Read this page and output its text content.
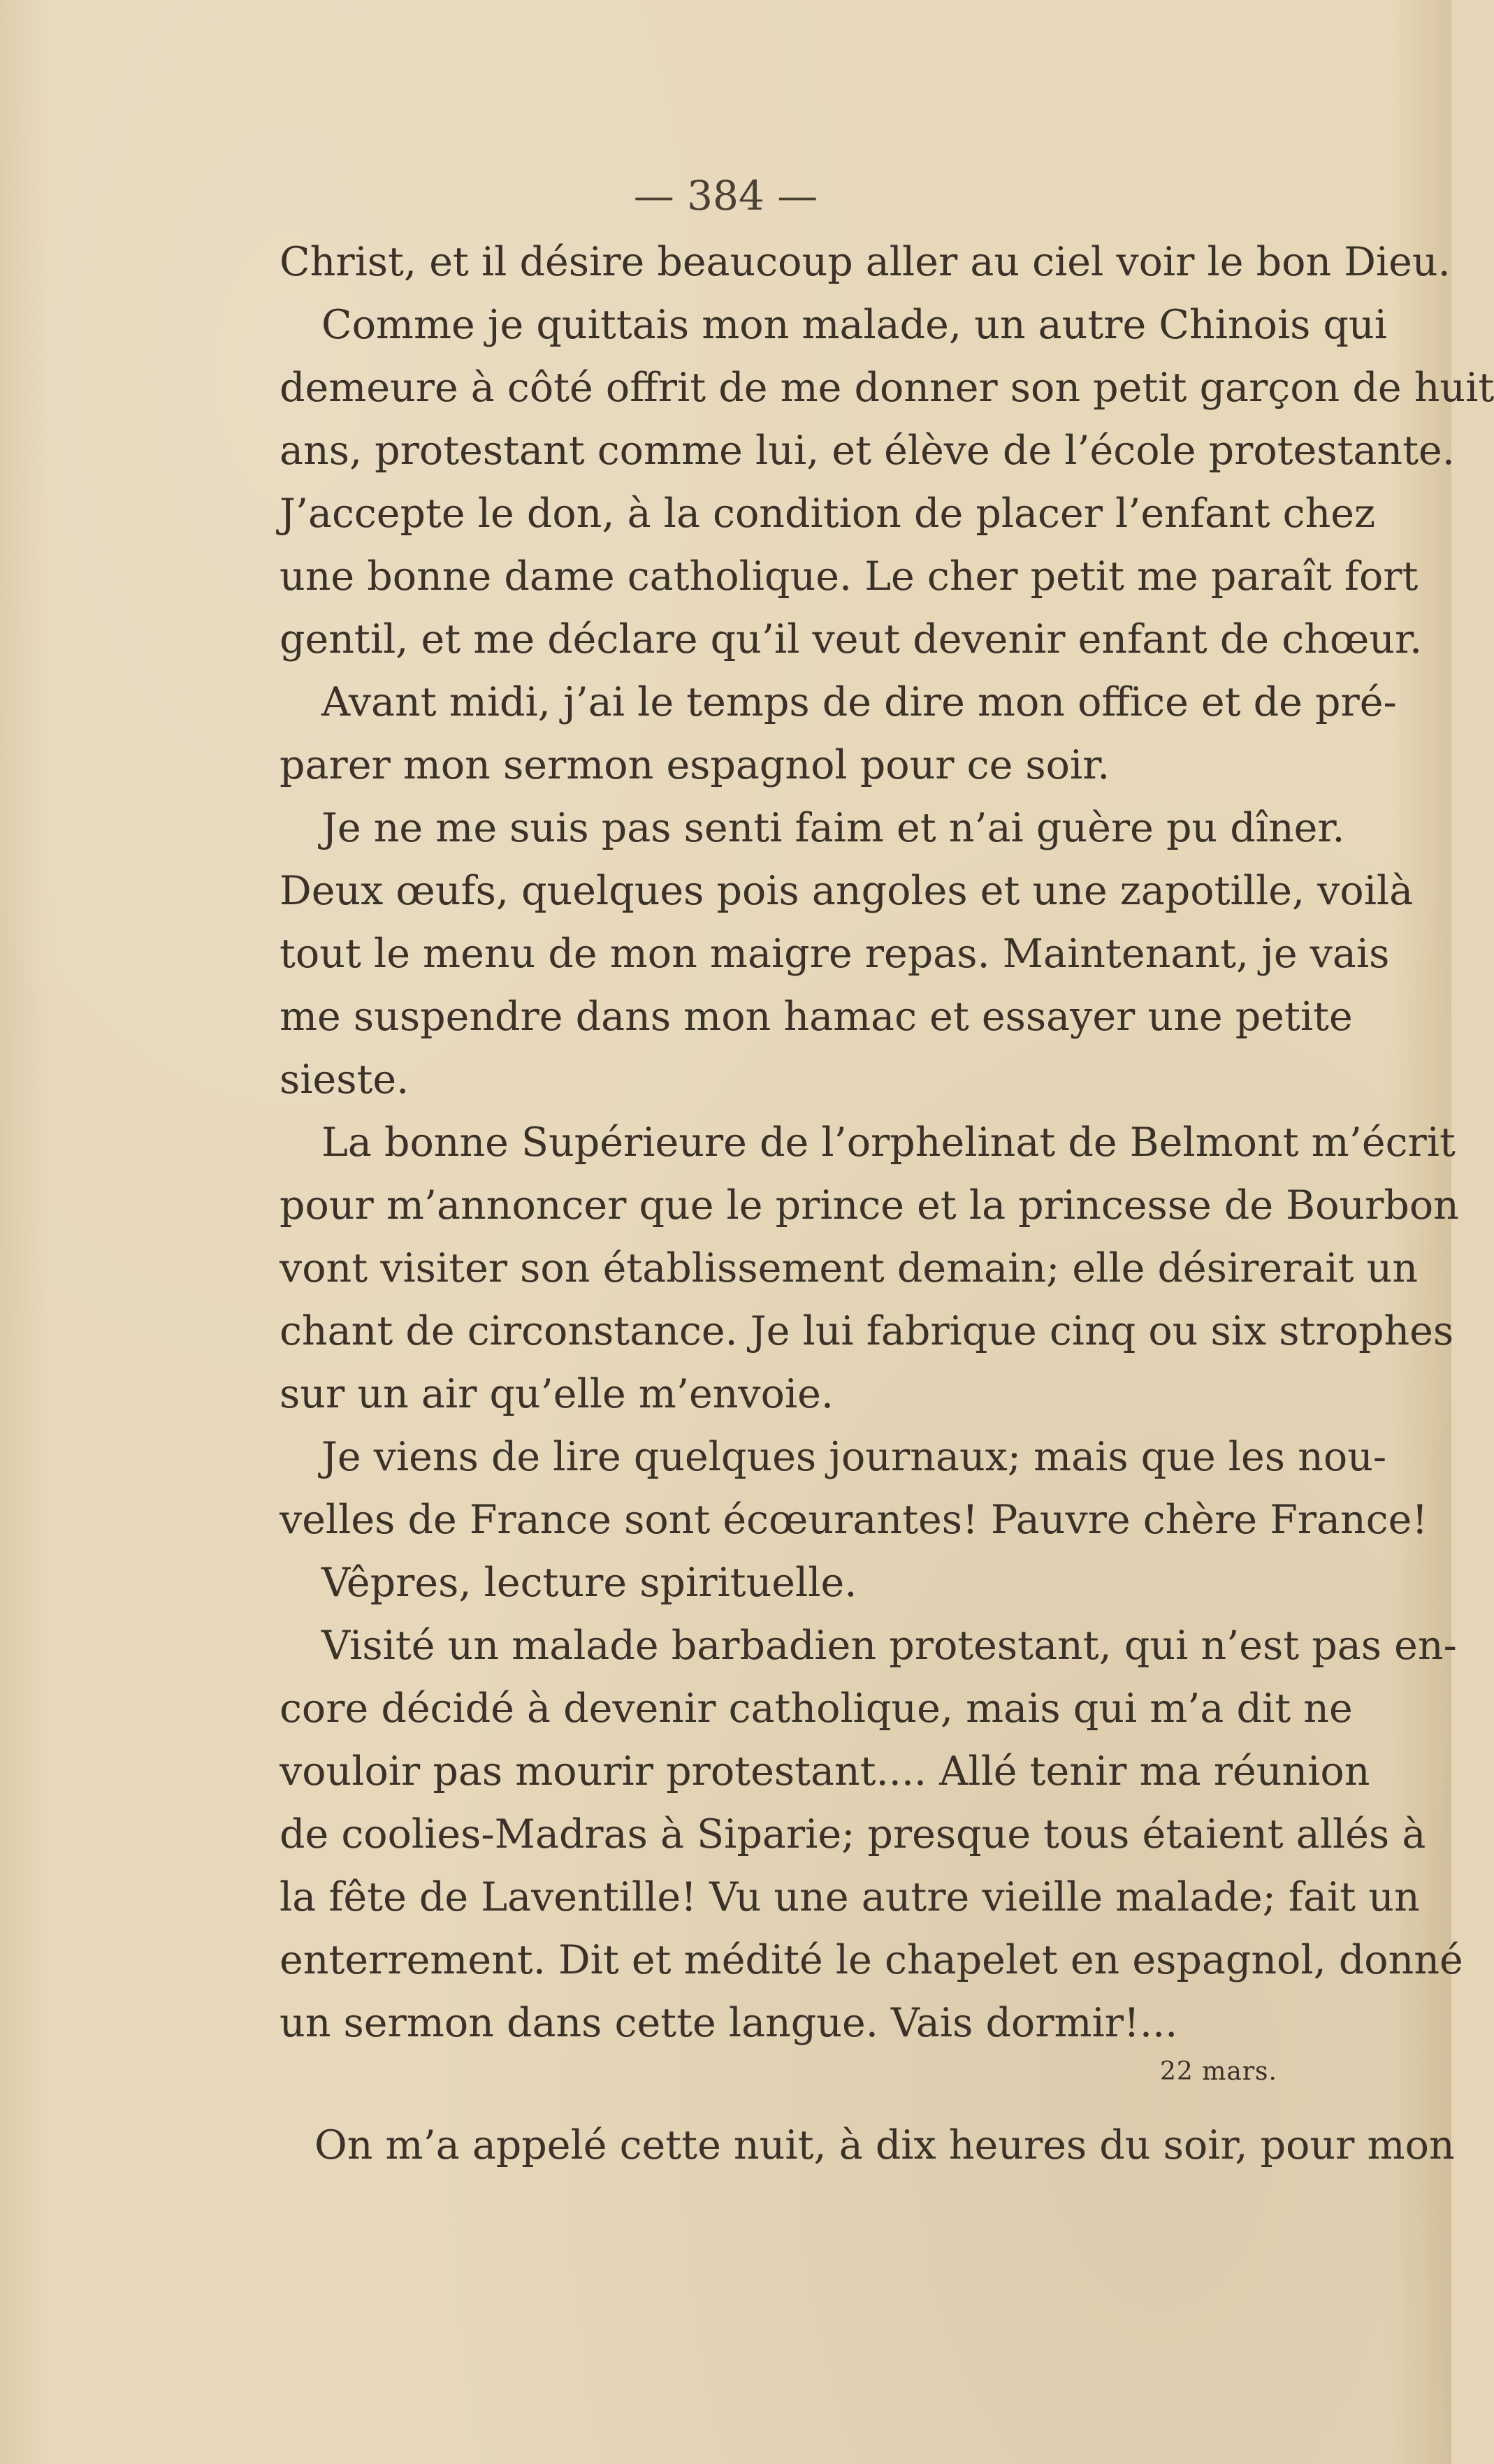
— 384 —
Christ, et il désire beaucoup aller au ciel voir le bon Dieu.
Comme je quittais mon malade, un autre Chinois qui
demeure à côté offrit de me donner son petit garçon de huit
ans, protestant comme lui, et élève de l’école protestante.
J’accepte le don, à la condition de placer l’enfant chez
une bonne dame catholique. Le cher petit me paraît fort
gentil, et me déclare qu’il veut devenir enfant de chœur.
Avant midi, j’ai le temps de dire mon office et de pré-
parer mon sermon espagnol pour ce soir.
Je ne me suis pas senti faim et n’ai guère pu dîner.
Deux œufs, quelques pois angoles et une zapotille, voilà
tout le menu de mon maigre repas. Maintenant, je vais
me suspendre dans mon hamac et essayer une petite
sieste.
La bonne Supérieure de l’orphelinat de Belmont m’écrit
pour m’annoncer que le prince et la princesse de Bourbon
vont visiter son établissement demain; elle désirerait un
chant de circonstance. Je lui fabrique cinq ou six strophes
sur un air qu’elle m’envoie.
Je viens de lire quelques journaux; mais que les nou-
velles de France sont écœurantes! Pauvre chère France!
Vêpres, lecture spirituelle.
Visité un malade barbadien protestant, qui n’est pas en-
core décidé à devenir catholique, mais qui m’a dit ne
vouloir pas mourir protestant.... Allé tenir ma réunion
de coolies-Madras à Siparie; presque tous étaient allés à
la fête de Laventille! Vu une autre vieille malade; fait un
enterrement. Dit et médité le chapelet en espagnol, donné
un sermon dans cette langue. Vais dormir!...
22 mars.
On m’a appelé cette nuit, à dix heures du soir, pour mon
